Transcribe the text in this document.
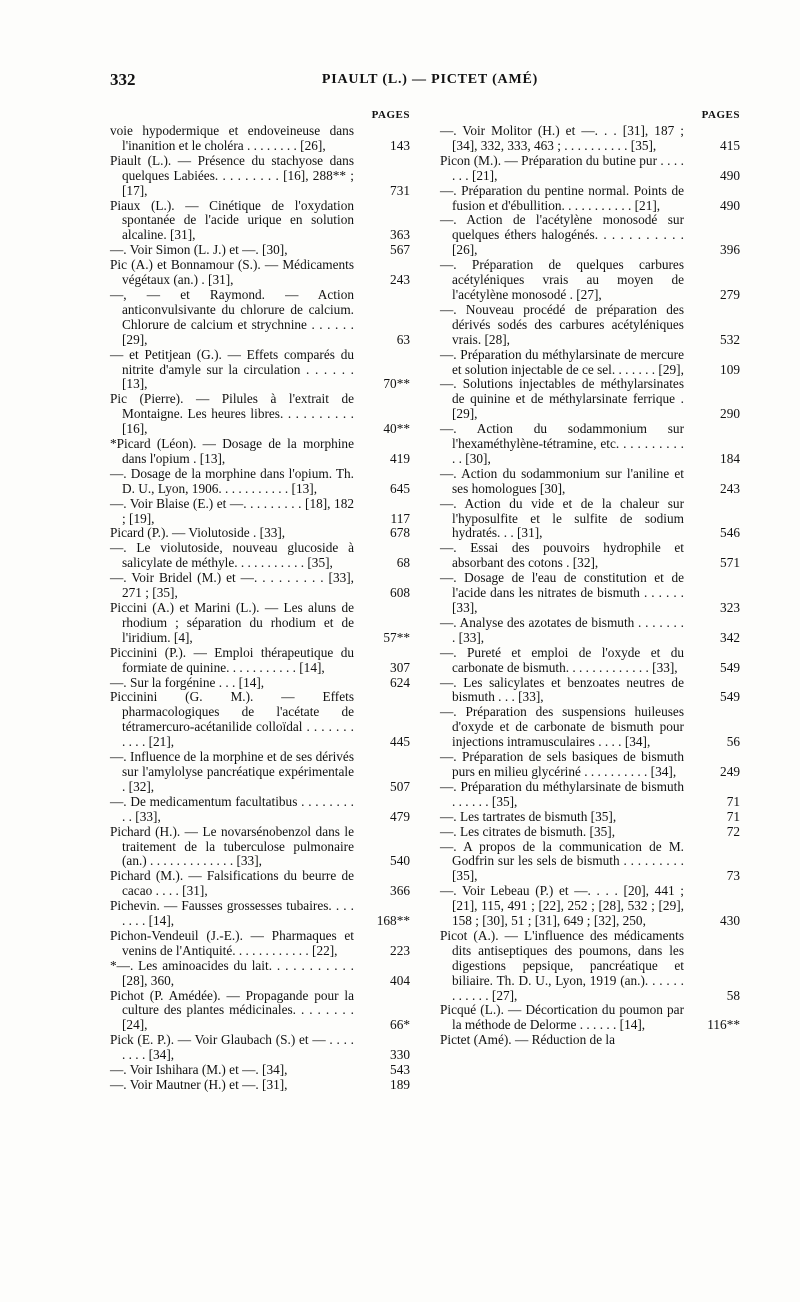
332	PIAULT (L.) — PICTET (AMÉ)
PAGES
voie hypodermique et endoveineuse dans l'inanition et le choléra . . . . . . . . [26],	143
Piault (L.). — Présence du stachyose dans quelques Labiées. . . . . . . . . [16], 288** ; [17],	731
Piaux (L.). — Cinétique de l'oxydation spontanée de l'acide urique en solution alcaline. [31],	363
—. Voir Simon (L. J.) et —. [30],	567
Pic (A.) et Bonnamour (S.). — Médicaments végétaux (an.) . [31],	243
—, — et Raymond. — Action anticonvulsivante du chlorure de calcium. Chlorure de calcium et strychnine . . . . . . [29],	63
— et Petitjean (G.). — Effets comparés du nitrite d'amyle sur la circulation . . . . . . [13],	70**
Pic (Pierre). — Pilules à l'extrait de Montaigne. Les heures libres. . . . . . . . . . [16],	40**
*Picard (Léon). — Dosage de la morphine dans l'opium . [13],	419
—. Dosage de la morphine dans l'opium. Th. D. U., Lyon, 1906. . . . . . . . . . . [13],	645
—. Voir Blaise (E.) et —. . . . . . . . . [18], 182 ; [19],	117
Picard (P.). — Violutoside . [33],	678
—. Le violutoside, nouveau glucoside à salicylate de méthyle. . . . . . . . . . . [35],	68
—. Voir Bridel (M.) et —. . . . . . . . . [33], 271 ; [35],	608
Piccini (A.) et Marini (L.). — Les aluns de rhodium ; séparation du rhodium et de l'iridium. [4],	57**
Piccinini (P.). — Emploi thérapeutique du formiate de quinine. . . . . . . . . . . [14],	307
—. Sur la forgénine . . . [14],	624
Piccinini (G. M.). — Effets pharmacologiques de l'acétate de tétramercuro-acétanilide colloïdal . . . . . . . . . . . [21],	445
—. Influence de la morphine et de ses dérivés sur l'amylolyse pancréatique expérimentale . [32],	507
—. De medicamentum facultatibus . . . . . . . . . . [33],	479
Pichard (H.). — Le novarsénobenzol dans le traitement de la tuberculose pulmonaire (an.) . . . . . . . . . . . . . [33],	540
Pichard (M.). — Falsifications du beurre de cacao . . . . [31],	366
Pichevin. — Fausses grossesses tubaires. . . . . . . . [14],	168**
Pichon-Vendeuil (J.-E.). — Pharmaques et venins de l'Antiquité. . . . . . . . . . . . [22],	223
*—. Les aminoacides du lait. . . . . . . . . . . [28], 360,	404
Pichot (P. Amédée). — Propagande pour la culture des plantes médicinales. . . . . . . . [24],	66*
Pick (E. P.). — Voir Glaubach (S.) et — . . . . . . . . [34],	330
—. Voir Ishihara (M.) et —. [34],	543
—. Voir Mautner (H.) et —. [31],	189
PAGES
—. Voir Molitor (H.) et —. . . [31], 187 ; [34], 332, 333, 463 ; . . . . . . . . . . [35],	415
Picon (M.). — Préparation du butine pur . . . . . . . [21],	490
—. Préparation du pentine normal. Points de fusion et d'ébullition. . . . . . . . . . . [21],	490
—. Action de l'acétylène monosodé sur quelques éthers halogénés. . . . . . . . . . . [26],	396
—. Préparation de quelques carbures acétyléniques vrais au moyen de l'acétylène monosodé . [27],	279
—. Nouveau procédé de préparation des dérivés sodés des carbures acétyléniques vrais. [28],	532
—. Préparation du méthylarsinate de mercure et solution injectable de ce sel. . . . . . . [29],	109
—. Solutions injectables de méthylarsinates de quinine et de méthylarsinate ferrique . [29],	290
—. Action du sodammonium sur l'hexaméthylène-tétramine, etc. . . . . . . . . . . . [30],	184
—. Action du sodammonium sur l'aniline et ses homologues [30],	243
—. Action du vide et de la chaleur sur l'hyposulfite et le sulfite de sodium hydratés. . . [31],	546
—. Essai des pouvoirs hydrophile et absorbant des cotons . [32],	571
—. Dosage de l'eau de constitution et de l'acide dans les nitrates de bismuth . . . . . . [33],	323
—. Analyse des azotates de bismuth . . . . . . . . [33],	342
—. Pureté et emploi de l'oxyde et du carbonate de bismuth. . . . . . . . . . . . . [33],	549
—. Les salicylates et benzoates neutres de bismuth . . . [33],	549
—. Préparation des suspensions huileuses d'oxyde et de carbonate de bismuth pour injections intramusculaires . . . . [34],	56
—. Préparation de sels basiques de bismuth purs en milieu glycériné . . . . . . . . . . [34],	249
—. Préparation du méthylarsinate de bismuth . . . . . . [35],	71
—. Les tartrates de bismuth [35],	71
—. Les citrates de bismuth. [35],	72
—. A propos de la communication de M. Godfrin sur les sels de bismuth . . . . . . . . . [35],	73
—. Voir Lebeau (P.) et —. . . . [20], 441 ; [21], 115, 491 ; [22], 252 ; [28], 532 ; [29], 158 ; [30], 51 ; [31], 649 ; [32], 250,	430
Picot (A.). — L'influence des médicaments dits antiseptiques des poumons, dans les digestions pepsique, pancréatique et biliaire. Th. D. U., Lyon, 1919 (an.). . . . . . . . . . . . [27],	58
Picqué (L.). — Décortication du poumon par la méthode de Delorme . . . . . . [14],	116**
Pictet (Amé). — Réduction de la
